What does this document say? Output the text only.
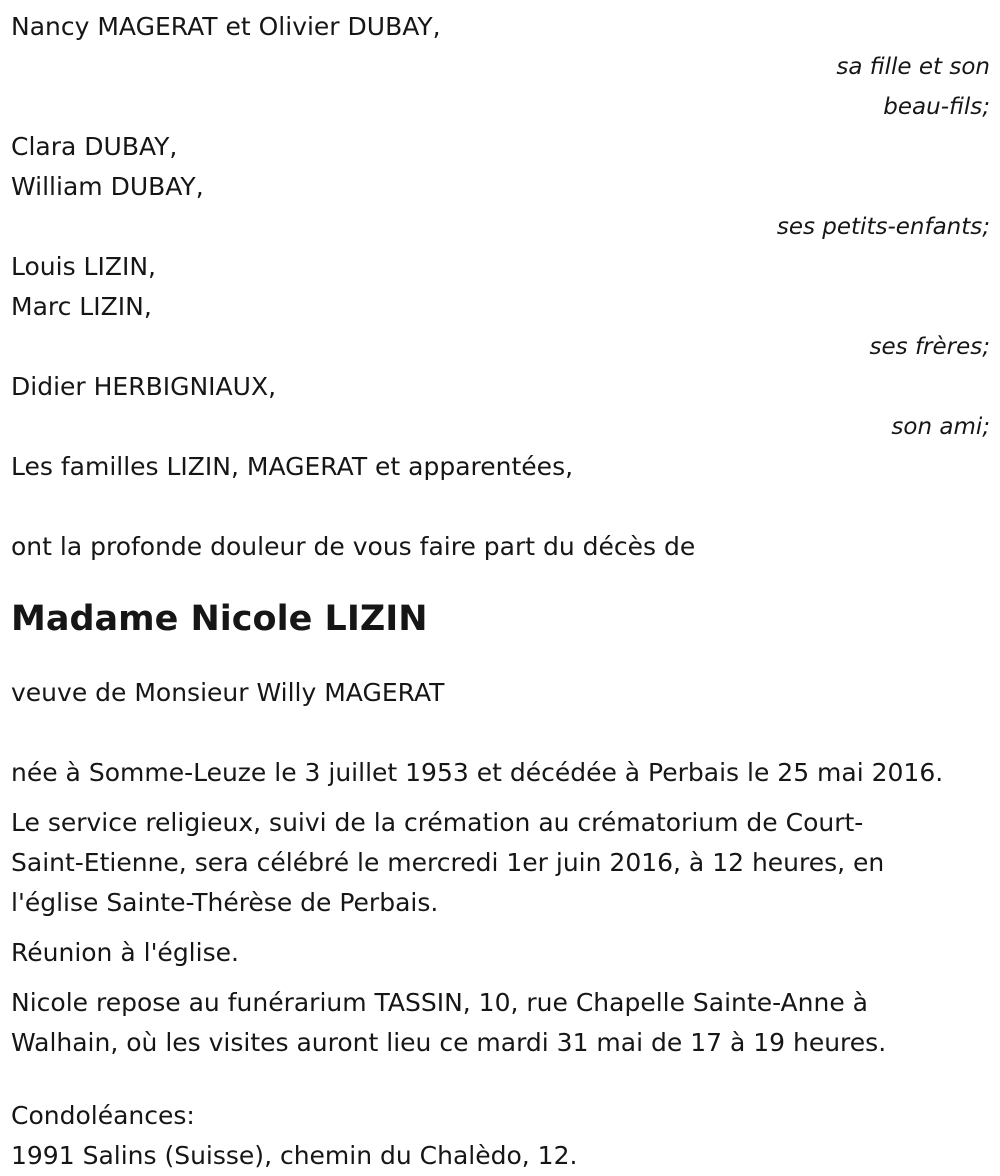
Nancy MAGERAT et Olivier DUBAY,
sa fille et son
beau-fils;
Clara DUBAY,
William DUBAY,
ses petits-enfants;
Louis LIZIN,
Marc LIZIN,
ses frères;
Didier HERBIGNIAUX,
son ami;
Les familles LIZIN, MAGERAT et apparentées,
ont la profonde douleur de vous faire part du décès de
Madame Nicole LIZIN
veuve de Monsieur Willy MAGERAT
née à Somme-Leuze le 3 juillet 1953 et décédée à Perbais le 25 mai 2016.
Le service religieux, suivi de la crémation au crématorium de Court-
Saint-Etienne, sera célébré le mercredi 1er juin 2016, à 12 heures, en
l'église Sainte-Thérèse de Perbais.
Réunion à l'église.
Nicole repose au funérarium TASSIN, 10, rue Chapelle Sainte-Anne à
Walhain, où les visites auront lieu ce mardi 31 mai de 17 à 19 heures.
Condoléances:
1991 Salins (Suisse), chemin du Chalèdo, 12.
